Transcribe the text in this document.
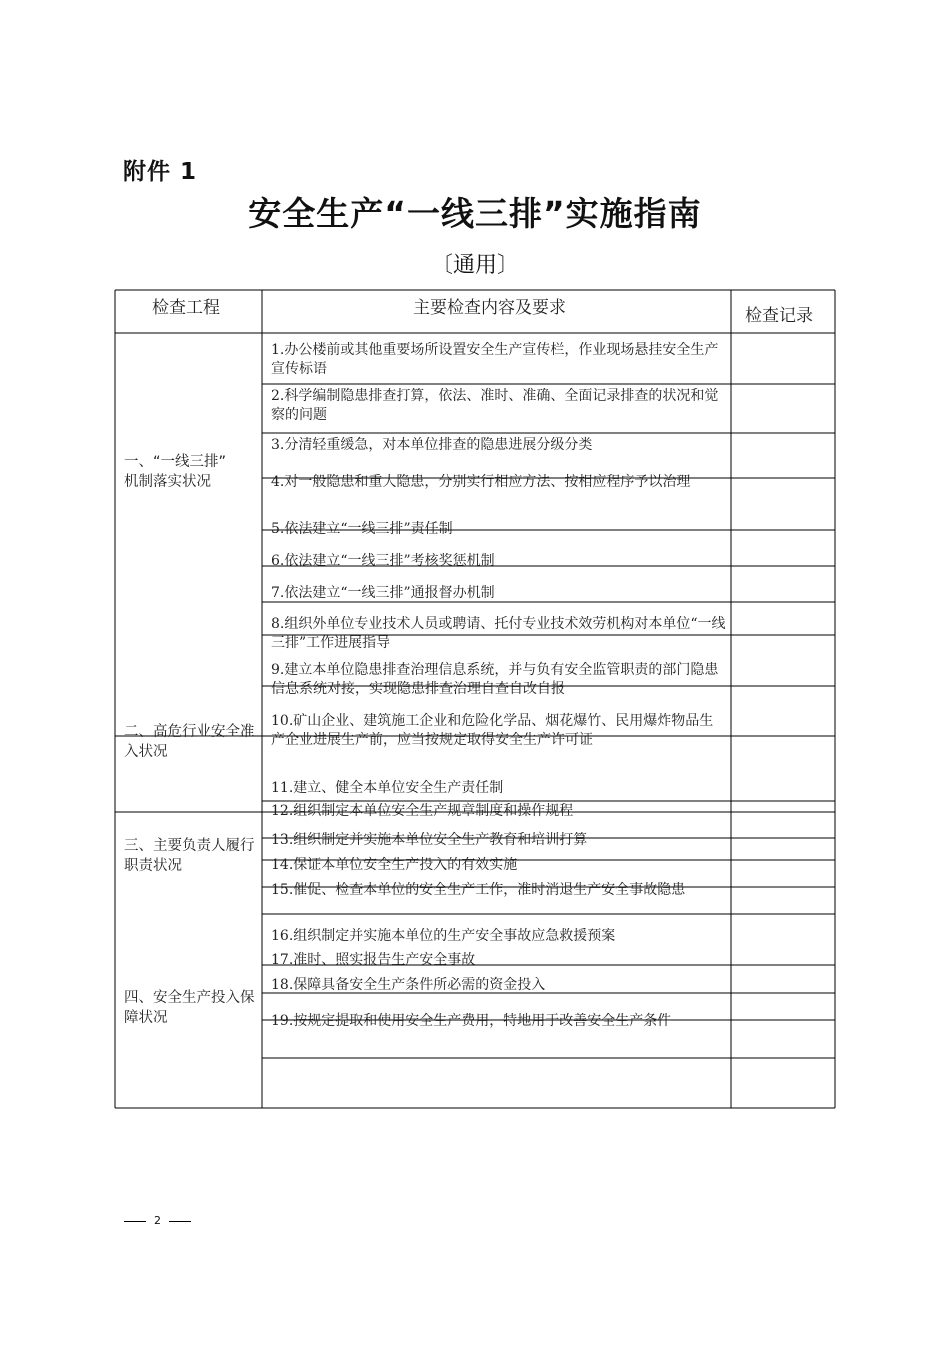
附件 1
安全生产“一线三排”实施指南
〔通用〕
检查工程	主要检查内容及要求	检查记录
一、“一线三排” 机制落实状况
二、高危行业安全准入状况
三、主要负责人履行职责状况
四、安全生产投入保障状况
1.办公楼前或其他重要场所设置安全生产宣传栏，作业现场悬挂安全生产宣传标语
2.科学编制隐患排查打算，依法、准时、准确、全面记录排查的状况和觉察的问题
3.分清轻重缓急，对本单位排查的隐患进展分级分类
4.对一般隐患和重大隐患，分别实行相应方法、按相应程序予以治理
5.依法建立“一线三排”责任制
6.依法建立“一线三排”考核奖惩机制
7.依法建立“一线三排”通报督办机制
8.组织外单位专业技术人员或聘请、托付专业技术效劳机构对本单位“一线三排”工作进展指导
9.建立本单位隐患排查治理信息系统，并与负有安全监管职责的部门隐患信息系统对接，实现隐患排查治理自查自改自报
10.矿山企业、建筑施工企业和危险化学品、烟花爆竹、民用爆炸物品生产企业进展生产前，应当按规定取得安全生产许可证
11.建立、健全本单位安全生产责任制
12.组织制定本单位安全生产规章制度和操作规程
13.组织制定并实施本单位安全生产教育和培训打算
14.保证本单位安全生产投入的有效实施
15.催促、检查本单位的安全生产工作，准时消退生产安全事故隐患
16.组织制定并实施本单位的生产安全事故应急救援预案
17.准时、照实报告生产安全事故
18.保障具备安全生产条件所必需的资金投入
19.按规定提取和使用安全生产费用，特地用于改善安全生产条件
2
